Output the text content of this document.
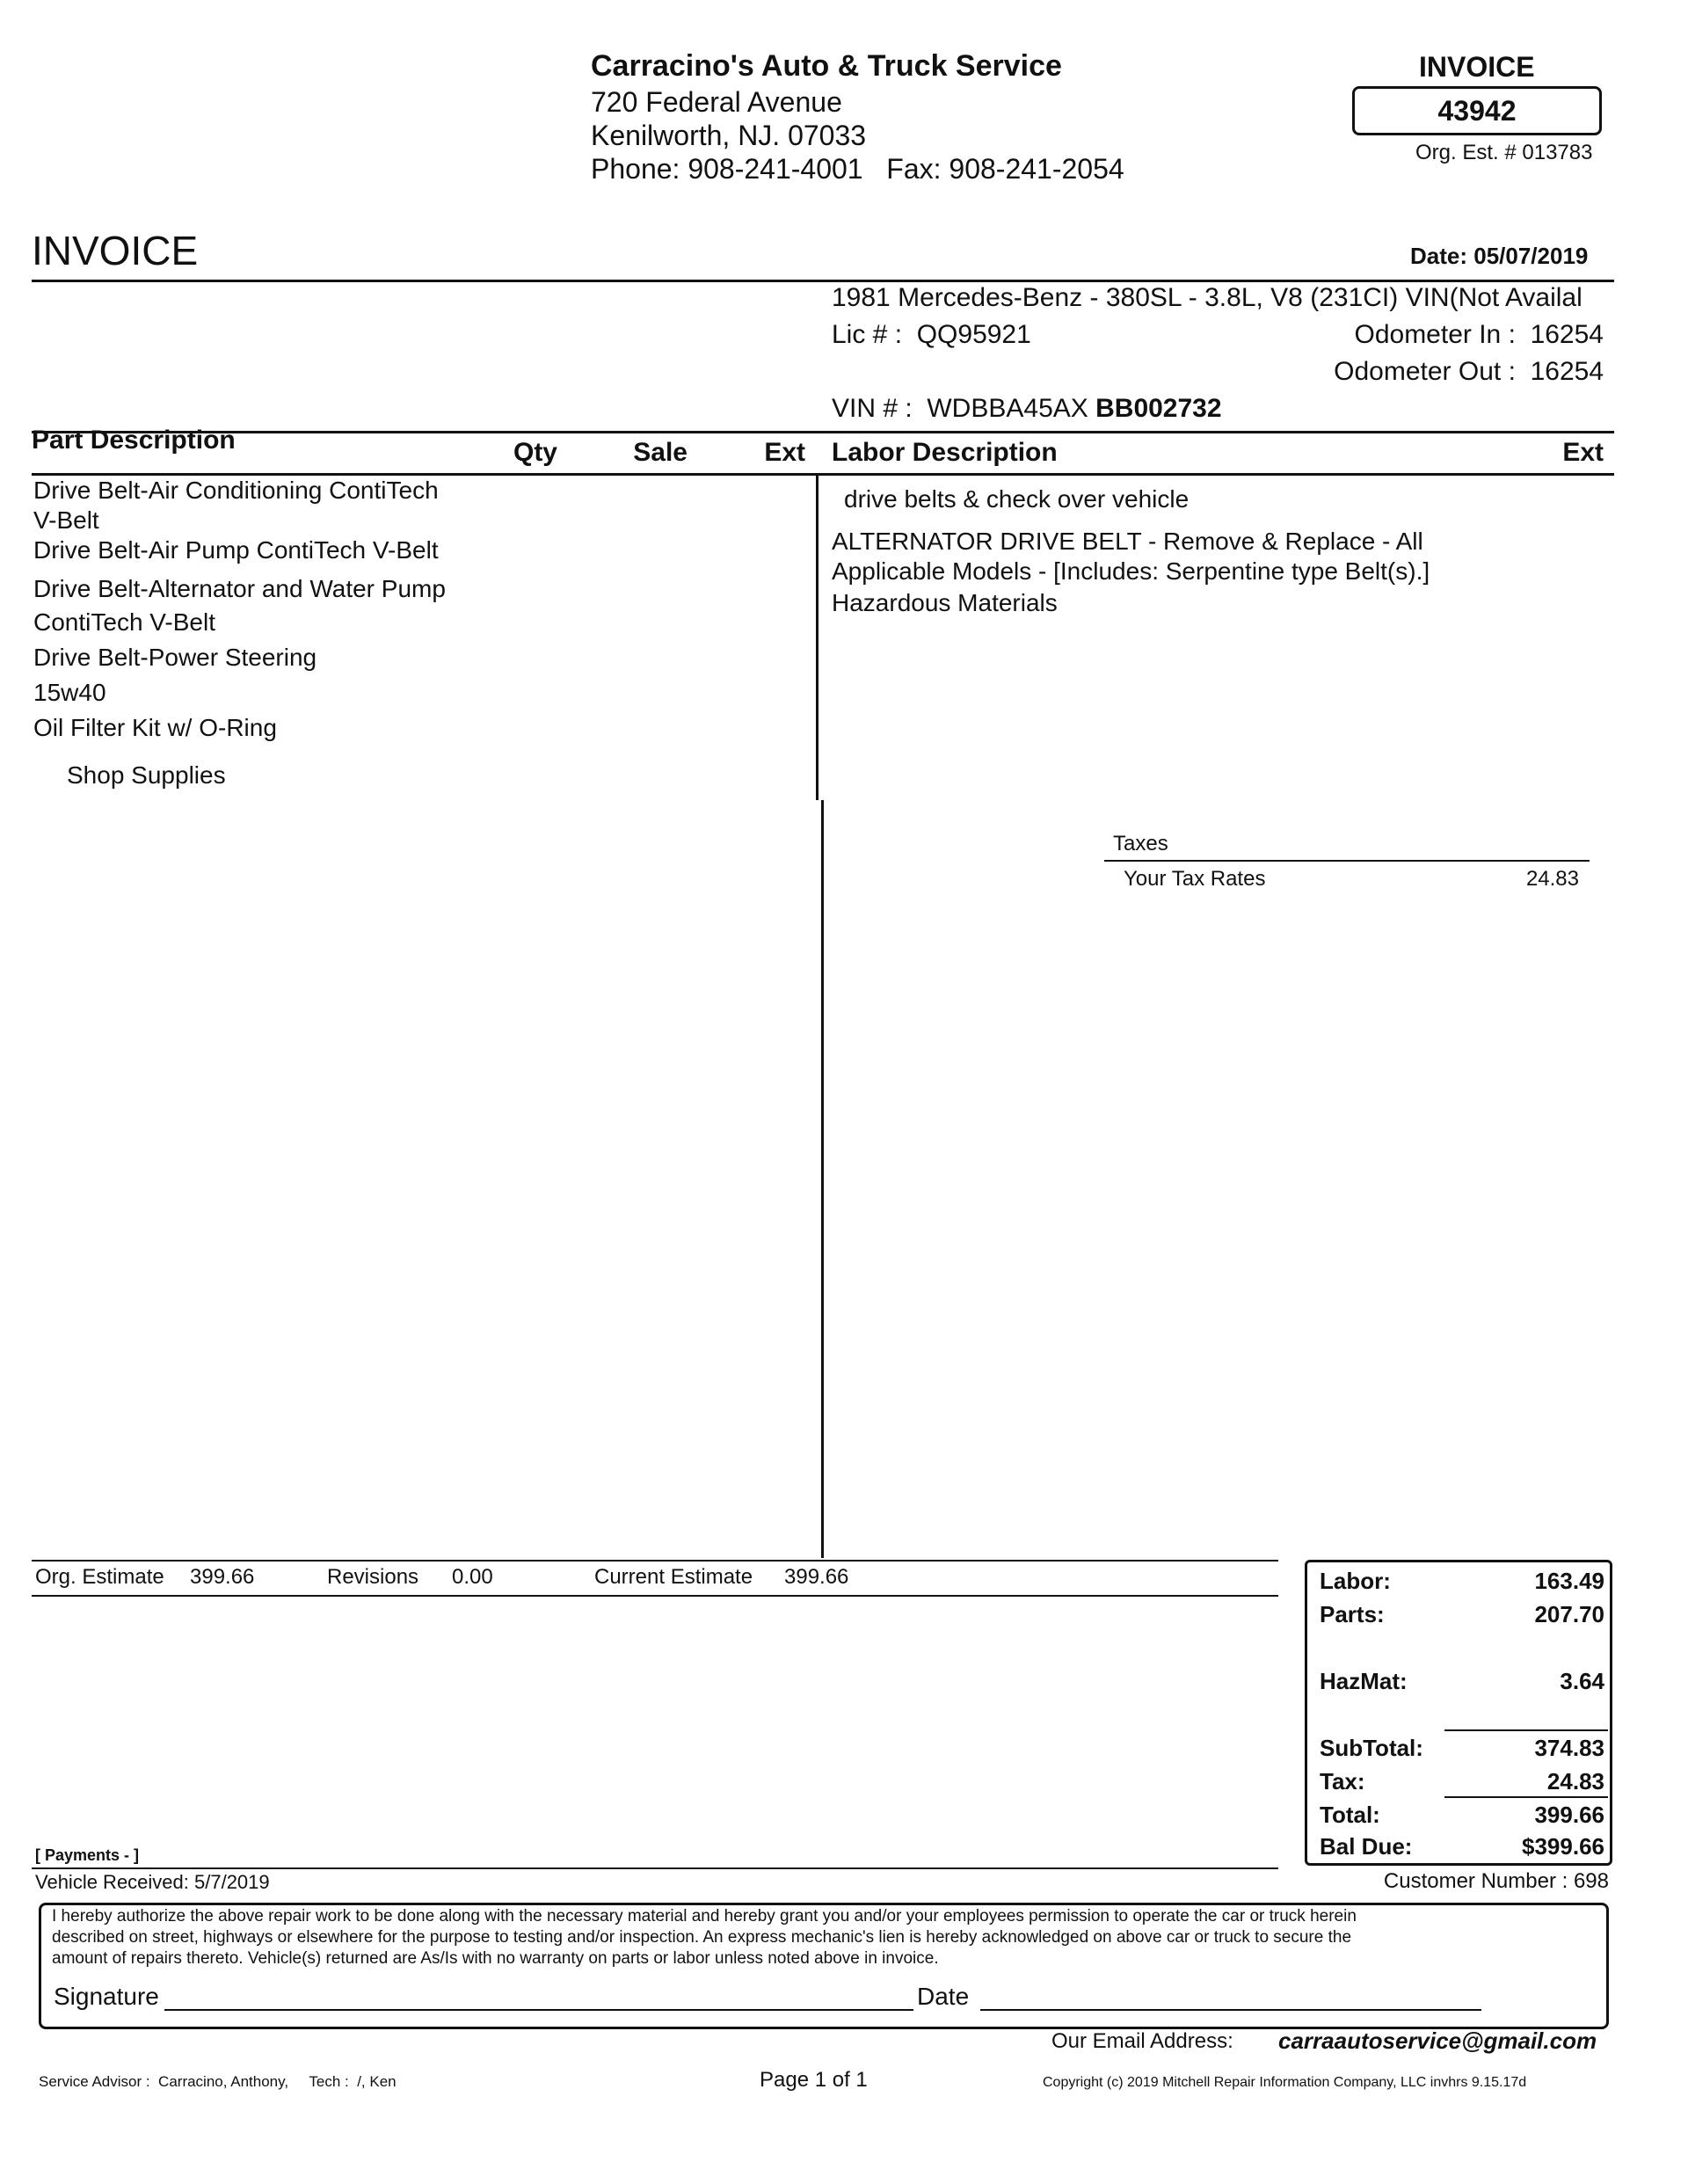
Carracino's Auto & Truck Service
720 Federal Avenue
Kenilworth, NJ. 07033
Phone: 908-241-4001   Fax: 908-241-2054
INVOICE
43942
Org. Est. # 013783
INVOICE	Date: 05/07/2019
1981 Mercedes-Benz - 380SL - 3.8L, V8 (231CI) VIN(Not Availal
Lic # :  QQ95921	Odometer In :  16254
Odometer Out :  16254
VIN # :  WDBBA45AX BB002732
Part Description	Qty	Sale	Ext Labor Description	Ext
Drive Belt-Air Conditioning ContiTech
V-Belt
Drive Belt-Air Pump ContiTech V-Belt
Drive Belt-Alternator and Water Pump
ContiTech V-Belt
Drive Belt-Power Steering
15w40
Oil Filter Kit w/ O-Ring
Shop Supplies
drive belts & check over vehicle
ALTERNATOR DRIVE BELT - Remove & Replace - All
Applicable Models - [Includes: Serpentine type Belt(s).]
Hazardous Materials
Taxes
Your Tax Rates	24.83
Org. Estimate 399.66	Revisions 0.00	Current Estimate 399.66	Labor:	163.49
Parts:	207.70
HazMat:	3.64
SubTotal:	374.83
Tax:	24.83
Total:	399.66
Bal Due:	$399.66
[ Payments - ]
Vehicle Received: 5/7/2019	Customer Number : 698
I hereby authorize the above repair work to be done along with the necessary material and hereby grant you and/or your employees permission to operate the car or truck herein
described on street, highways or elsewhere for the purpose to testing and/or inspection. An express mechanic's lien is hereby acknowledged on above car or truck to secure the
amount of repairs thereto. Vehicle(s) returned are As/Is with no warranty on parts or labor unless noted above in invoice.
Signature	Date
Our Email Address: carraautoservice@gmail.com
Service Advisor :  Carracino, Anthony,     Tech :  /, Ken	Page 1 of 1	Copyright (c) 2019 Mitchell Repair Information Company, LLC invhrs 9.15.17d
